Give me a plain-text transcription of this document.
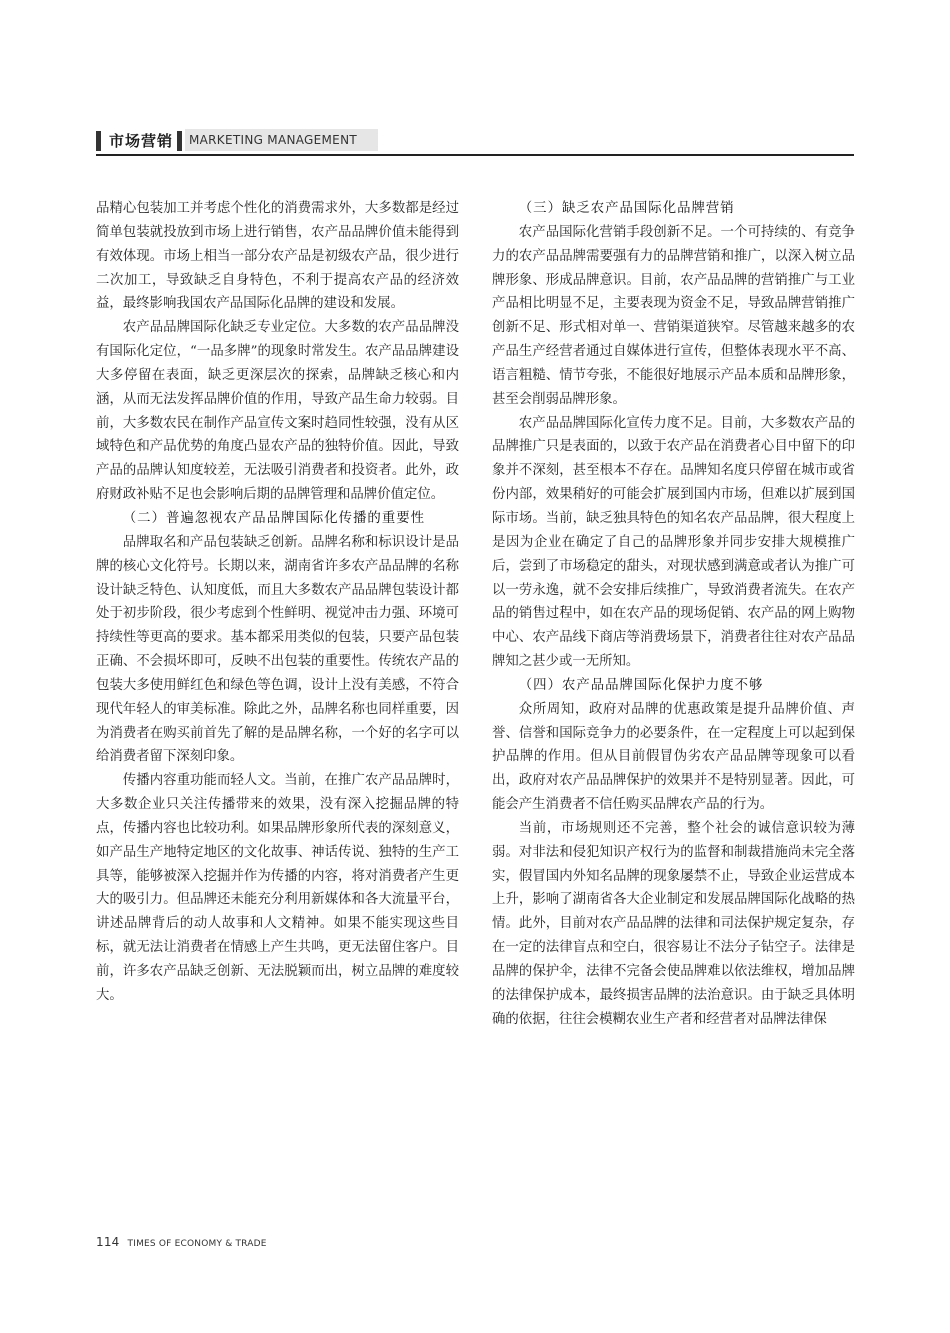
市场营销	MARKETING MANAGEMENT

品精心包装加工并考虑个性化的消费需求外，大多数都是经过简单包装就投放到市场上进行销售，农产品品牌价值未能得到有效体现。市场上相当一部分农产品是初级农产品，很少进行二次加工，导致缺乏自身特色，不利于提高农产品的经济效益，最终影响我国农产品国际化品牌的建设和发展。

农产品品牌国际化缺乏专业定位。大多数的农产品品牌没有国际化定位，“一品多牌”的现象时常发生。农产品品牌建设大多停留在表面，缺乏更深层次的探索，品牌缺乏核心和内涵，从而无法发挥品牌价值的作用，导致产品生命力较弱。目前，大多数农民在制作产品宣传文案时趋同性较强，没有从区域特色和产品优势的角度凸显农产品的独特价值。因此，导致产品的品牌认知度较差，无法吸引消费者和投资者。此外，政府财政补贴不足也会影响后期的品牌管理和品牌价值定位。

（二）普遍忽视农产品品牌国际化传播的重要性

品牌取名和产品包装缺乏创新。品牌名称和标识设计是品牌的核心文化符号。长期以来，湖南省许多农产品品牌的名称设计缺乏特色、认知度低，而且大多数农产品品牌包装设计都处于初步阶段，很少考虑到个性鲜明、视觉冲击力强、环境可持续性等更高的要求。基本都采用类似的包装，只要产品包装正确、不会损坏即可，反映不出包装的重要性。传统农产品的包装大多使用鲜红色和绿色等色调，设计上没有美感，不符合现代年轻人的审美标准。除此之外，品牌名称也同样重要，因为消费者在购买前首先了解的是品牌名称，一个好的名字可以给消费者留下深刻印象。

传播内容重功能而轻人文。当前，在推广农产品品牌时，大多数企业只关注传播带来的效果，没有深入挖掘品牌的特点，传播内容也比较功利。如果品牌形象所代表的深刻意义，如产品生产地特定地区的文化故事、神话传说、独特的生产工具等，能够被深入挖掘并作为传播的内容，将对消费者产生更大的吸引力。但品牌还未能充分利用新媒体和各大流量平台，讲述品牌背后的动人故事和人文精神。如果不能实现这些目标，就无法让消费者在情感上产生共鸣，更无法留住客户。目前，许多农产品缺乏创新、无法脱颖而出，树立品牌的难度较大。

（三）缺乏农产品国际化品牌营销

农产品国际化营销手段创新不足。一个可持续的、有竞争力的农产品品牌需要强有力的品牌营销和推广，以深入树立品牌形象、形成品牌意识。目前，农产品品牌的营销推广与工业产品相比明显不足，主要表现为资金不足，导致品牌营销推广创新不足、形式相对单一、营销渠道狭窄。尽管越来越多的农产品生产经营者通过自媒体进行宣传，但整体表现水平不高、语言粗糙、情节夸张，不能很好地展示产品本质和品牌形象，甚至会削弱品牌形象。

农产品品牌国际化宣传力度不足。目前，大多数农产品的品牌推广只是表面的，以致于农产品在消费者心目中留下的印象并不深刻，甚至根本不存在。品牌知名度只停留在城市或省份内部，效果稍好的可能会扩展到国内市场，但难以扩展到国际市场。当前，缺乏独具特色的知名农产品品牌，很大程度上是因为企业在确定了自己的品牌形象并同步安排大规模推广后，尝到了市场稳定的甜头，对现状感到满意或者认为推广可以一劳永逸，就不会安排后续推广，导致消费者流失。在农产品的销售过程中，如在农产品的现场促销、农产品的网上购物中心、农产品线下商店等消费场景下，消费者往往对农产品品牌知之甚少或一无所知。

（四）农产品品牌国际化保护力度不够

众所周知，政府对品牌的优惠政策是提升品牌价值、声誉、信誉和国际竞争力的必要条件，在一定程度上可以起到保护品牌的作用。但从目前假冒伪劣农产品品牌等现象可以看出，政府对农产品品牌保护的效果并不是特别显著。因此，可能会产生消费者不信任购买品牌农产品的行为。

当前，市场规则还不完善，整个社会的诚信意识较为薄弱。对非法和侵犯知识产权行为的监督和制裁措施尚未完全落实，假冒国内外知名品牌的现象屡禁不止，导致企业运营成本上升，影响了湖南省各大企业制定和发展品牌国际化战略的热情。此外，目前对农产品品牌的法律和司法保护规定复杂，存在一定的法律盲点和空白，很容易让不法分子钻空子。法律是品牌的保护伞，法律不完备会使品牌难以依法维权，增加品牌的法律保护成本，最终损害品牌的法治意识。由于缺乏具体明确的依据，往往会模糊农业生产者和经营者对品牌法律保

114 TIMES OF ECONOMY & TRADE
